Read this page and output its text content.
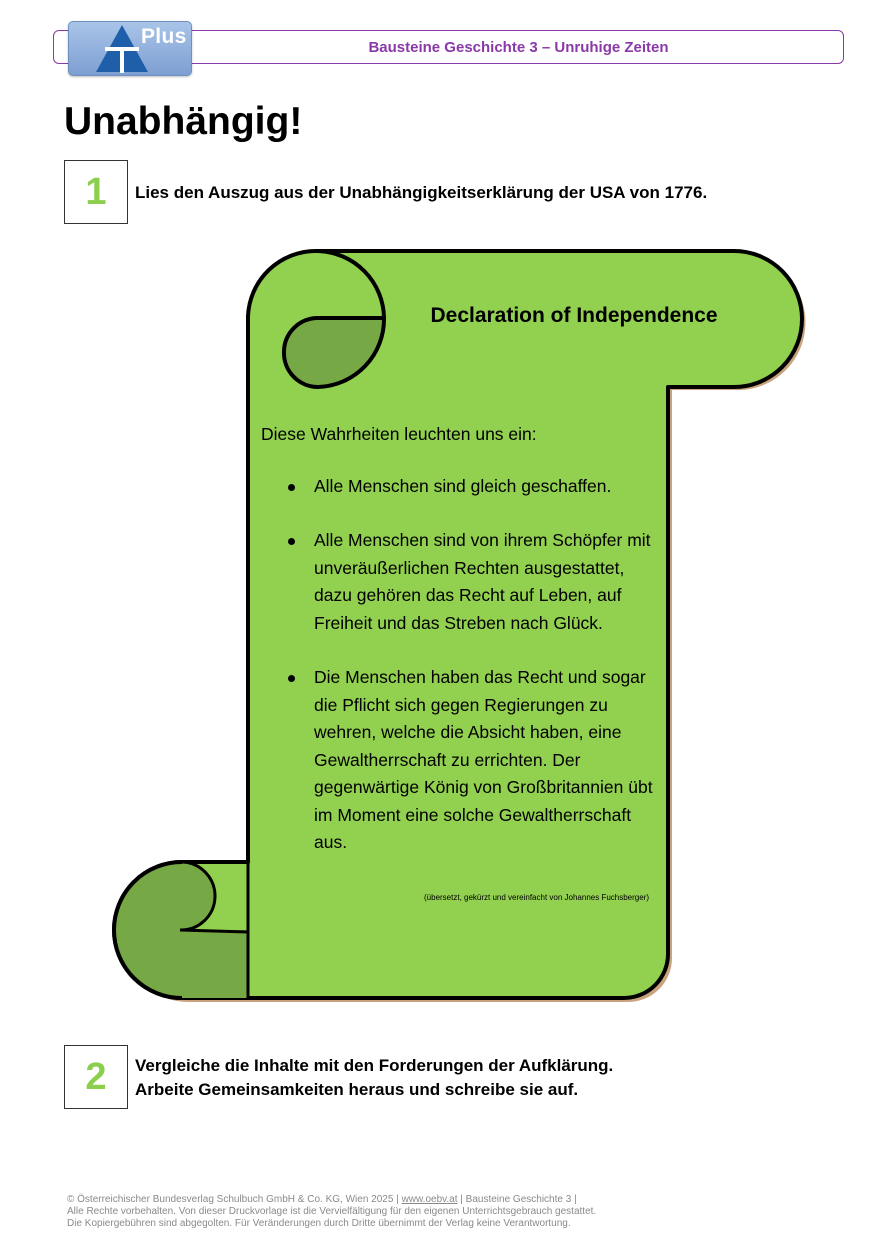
Bausteine Geschichte 3 – Unruhige Zeiten
Plus
Unabhängig!
1	Lies den Auszug aus der Unabhängigkeitserklärung der USA von 1776.
Declaration of Independence

Diese Wahrheiten leuchten uns ein:

Alle Menschen sind gleich geschaffen.
Alle Menschen sind von ihrem Schöpfer mit unveräußerlichen Rechten ausgestattet, dazu gehören das Recht auf Leben, auf Freiheit und das Streben nach Glück.
Die Menschen haben das Recht und sogar die Pflicht sich gegen Regierungen zu wehren, welche die Absicht haben, eine Gewaltherrschaft zu errichten. Der gegenwärtige König von Großbritannien übt im Moment eine solche Gewaltherrschaft aus.
(übersetzt, gekürzt und vereinfacht von Johannes Fuchsberger)
2	Vergleiche die Inhalte mit den Forderungen der Aufklärung.
Arbeite Gemeinsamkeiten heraus und schreibe sie auf.
© Österreichischer Bundesverlag Schulbuch GmbH & Co. KG, Wien 2025 | www.oebv.at | Bausteine Geschichte 3 |
Alle Rechte vorbehalten. Von dieser Druckvorlage ist die Vervielfältigung für den eigenen Unterrichtsgebrauch gestattet.
Die Kopiergebühren sind abgegolten. Für Veränderungen durch Dritte übernimmt der Verlag keine Verantwortung.
